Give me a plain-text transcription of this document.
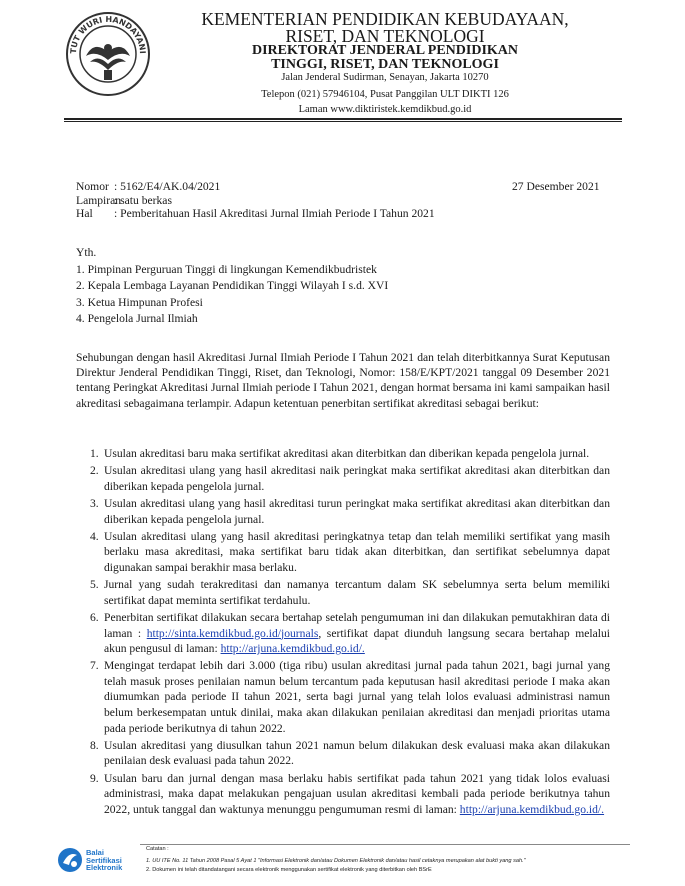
TUT WURI HANDAYANI
KEMENTERIAN PENDIDIKAN KEBUDAYAAN,
RISET, DAN TEKNOLOGI
DIREKTORAT JENDERAL PENDIDIKAN
TINGGI, RISET, DAN TEKNOLOGI
Jalan Jenderal Sudirman, Senayan, Jakarta 10270
Telepon (021) 57946104, Pusat Panggilan ULT DIKTI 126
Laman www.diktiristek.kemdikbud.go.id
Nomor : 5162/E4/AK.04/2021	27 Desember 2021
Lampiran
: satu berkas
Hal : Pemberitahuan Hasil Akreditasi Jurnal Ilmiah Periode I Tahun 2021
Yth.
1. Pimpinan Perguruan Tinggi di lingkungan Kemendikbudristek
2. Kepala Lembaga Layanan Pendidikan Tinggi Wilayah I s.d. XVI
3. Ketua Himpunan Profesi
4. Pengelola Jurnal Ilmiah
Sehubungan dengan hasil Akreditasi Jurnal Ilmiah Periode I Tahun 2021 dan telah diterbitkannya Surat Keputusan Direktur Jenderal Pendidikan Tinggi, Riset, dan Teknologi, Nomor: 158/E/KPT/2021 tanggal 09 Desember 2021 tentang Peringkat Akreditasi Jurnal Ilmiah periode I Tahun 2021, dengan hormat bersama ini kami sampaikan hasil akreditasi sebagaimana terlampir. Adapun ketentuan penerbitan sertifikat akreditasi sebagai berikut:
1. Usulan akreditasi baru maka sertifikat akreditasi akan diterbitkan dan diberikan kepada pengelola jurnal.
2. Usulan akreditasi ulang yang hasil akreditasi naik peringkat maka sertifikat akreditasi akan diterbitkan dan diberikan kepada pengelola jurnal.
3. Usulan akreditasi ulang yang hasil akreditasi turun peringkat maka sertifikat akreditasi akan diterbitkan dan diberikan kepada pengelola jurnal.
4. Usulan akreditasi ulang yang hasil akreditasi peringkatnya tetap dan telah memiliki sertifikat yang masih berlaku masa akreditasi, maka sertifikat baru tidak akan diterbitkan, dan sertifikat sebelumnya dapat digunakan sampai berakhir masa berlaku.
5. Jurnal yang sudah terakreditasi dan namanya tercantum dalam SK sebelumnya serta belum memiliki sertifikat dapat meminta sertifikat terdahulu.
6. Penerbitan sertifikat dilakukan secara bertahap setelah pengumuman ini dan dilakukan pemutakhiran data di laman : http://sinta.kemdikbud.go.id/journals, sertifikat dapat diunduh langsung secara bertahap melalui akun pengusul di laman: http://arjuna.kemdikbud.go.id/.
7. Mengingat terdapat lebih dari 3.000 (tiga ribu) usulan akreditasi jurnal pada tahun 2021, bagi jurnal yang telah masuk proses penilaian namun belum tercantum pada keputusan hasil akreditasi periode I maka akan diumumkan pada periode II tahun 2021, serta bagi jurnal yang telah lolos evaluasi administrasi namun belum berkesempatan untuk dinilai, maka akan dilakukan penilaian akreditasi dan menjadi prioritas utama pada periode berikutnya di tahun 2022.
8. Usulan akreditasi yang diusulkan tahun 2021 namun belum dilakukan desk evaluasi maka akan dilakukan penilaian desk evaluasi pada tahun 2022.
9. Usulan baru dan jurnal dengan masa berlaku habis sertifikat pada tahun 2021 yang tidak lolos evaluasi administrasi, maka dapat melakukan pengajuan usulan akreditasi kembali pada periode berikutnya tahun 2022, untuk tanggal dan waktunya menunggu pengumuman resmi di laman: http://arjuna.kemdikbud.go.id/.
Balai
Sertifikasi
Elektronik
Catatan :
1. UU ITE No. 11 Tahun 2008 Pasal 5 Ayat 1 "Informasi Elektronik dan/atau Dokumen Elektronik dan/atau hasil cetaknya merupakan alat bukti yang sah."
2. Dokumen ini telah ditandatangani secara elektronik menggunakan sertifikat elektronik yang diterbitkan oleh BSrE
